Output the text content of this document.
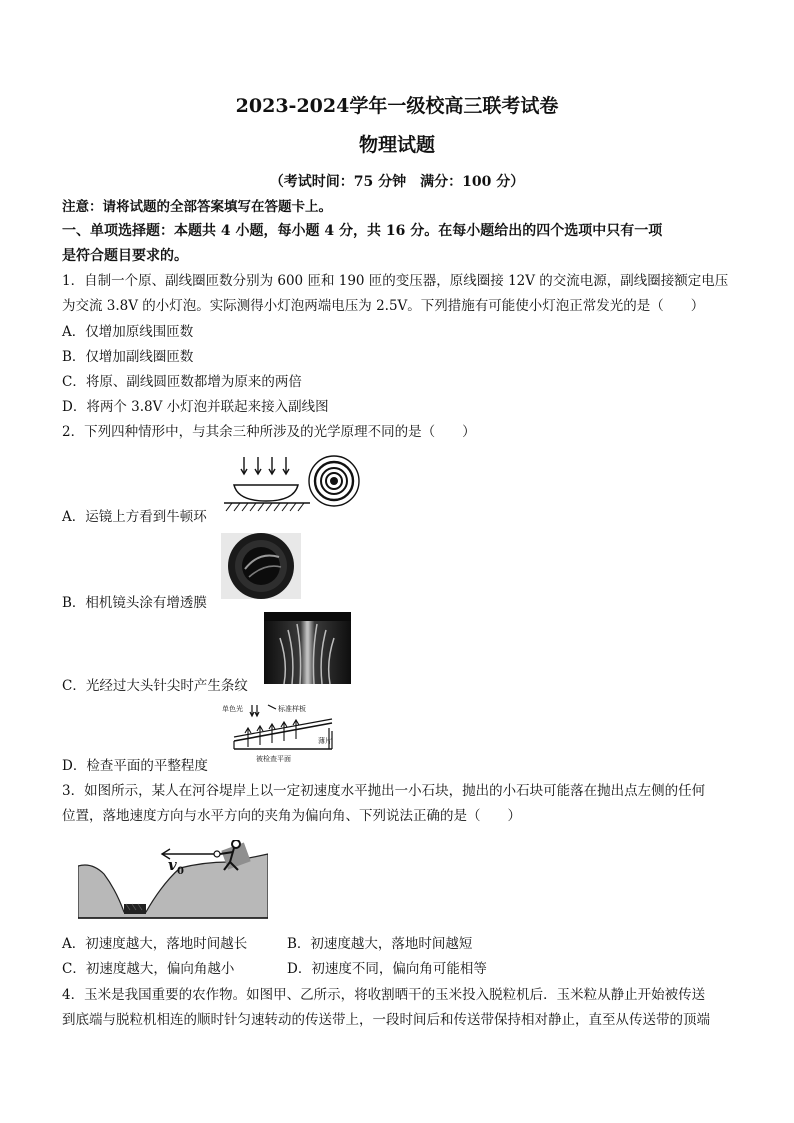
2023-2024学年一级校高三联考试卷
物理试题
（考试时间：75 分钟　满分：100 分）
注意：请将试题的全部答案填写在答题卡上。
一、单项选择题：本题共 4 小题，每小题 4 分，共 16 分。在每小题给出的四个选项中只有一项
是符合题目要求的。
1．自制一个原、副线圈匝数分别为 600 匝和 190 匝的变压器，原线圈接 12V 的交流电源，副线圈接额定电压
为交流 3.8V 的小灯泡。实际测得小灯泡两端电压为 2.5V。下列措施有可能使小灯泡正常发光的是（　　）
A．仅增加原线围匝数
B．仅增加副线圈匝数
C．将原、副线圆匝数都增为原来的两倍
D．将两个 3.8V 小灯泡并联起来接入副线图
2．下列四种情形中，与其余三种所涉及的光学原理不同的是（　　）
A．运镜上方看到牛顿环
B．相机镜头涂有增透膜
C．光经过大头针尖时产生条纹
单色光	标准样板
薄片
被检查平面
D．检查平面的平整程度
3．如图所示，某人在河谷堤岸上以一定初速度水平抛出一小石块，抛出的小石块可能落在抛出点左侧的任何
位置，落地速度方向与水平方向的夹角为偏向角、下列说法正确的是（　　）
v 0
A．初速度越大，落地时间越长	B．初速度越大，落地时间越短
C．初速度越大，偏向角越小	D．初速度不同，偏向角可能相等
4．玉米是我国重要的农作物。如图甲、乙所示，将收割晒干的玉米投入脱粒机后．玉米粒从静止开始被传送
到底端与脱粒机相连的顺时针匀速转动的传送带上，一段时间后和传送带保持相对静止，直至从传送带的顶端
